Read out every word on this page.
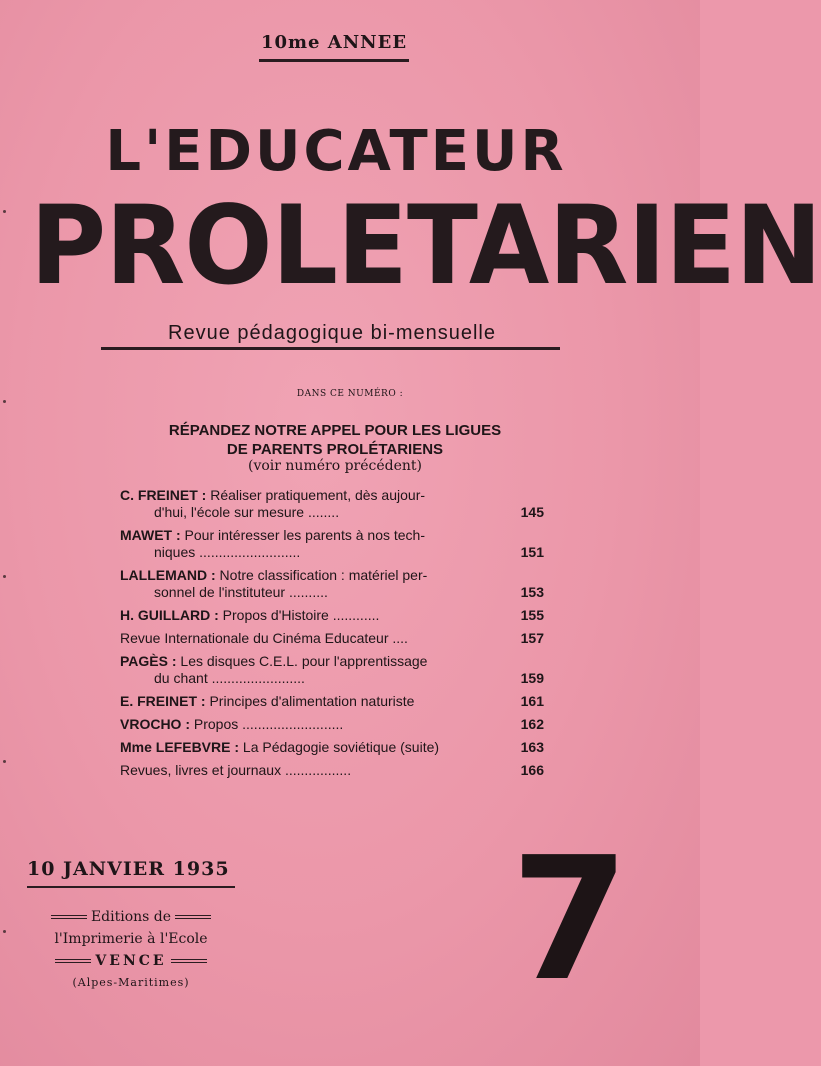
10me ANNEE
L'EDUCATEUR
PROLETARIEN
Revue pédagogique bi-mensuelle
DANS CE NUMÉRO :
RÉPANDEZ NOTRE APPEL POUR LES LIGUES
DE PARENTS PROLÉTARIENS
(voir numéro précédent)
C. FREINET : Réaliser pratiquement, dès aujour-
d'hui, l'école sur mesure ........	145
MAWET : Pour intéresser les parents à nos tech-
niques ..........................	151
LALLEMAND : Notre classification : matériel per-
sonnel de l'instituteur ..........	153
H. GUILLARD : Propos d'Histoire ............	155
Revue Internationale du Cinéma Educateur ....	157
PAGÈS : Les disques C.E.L. pour l'apprentissage
du chant ........................	159
E. FREINET : Principes d'alimentation naturiste	161
VROCHO : Propos ..........................	162
Mme LEFEBVRE : La Pédagogie soviétique (suite)	163
Revues, livres et journaux .................	166
10 JANVIER 1935
Editions de
l'Imprimerie à l'Ecole
VENCE
(Alpes-Maritimes) 7
